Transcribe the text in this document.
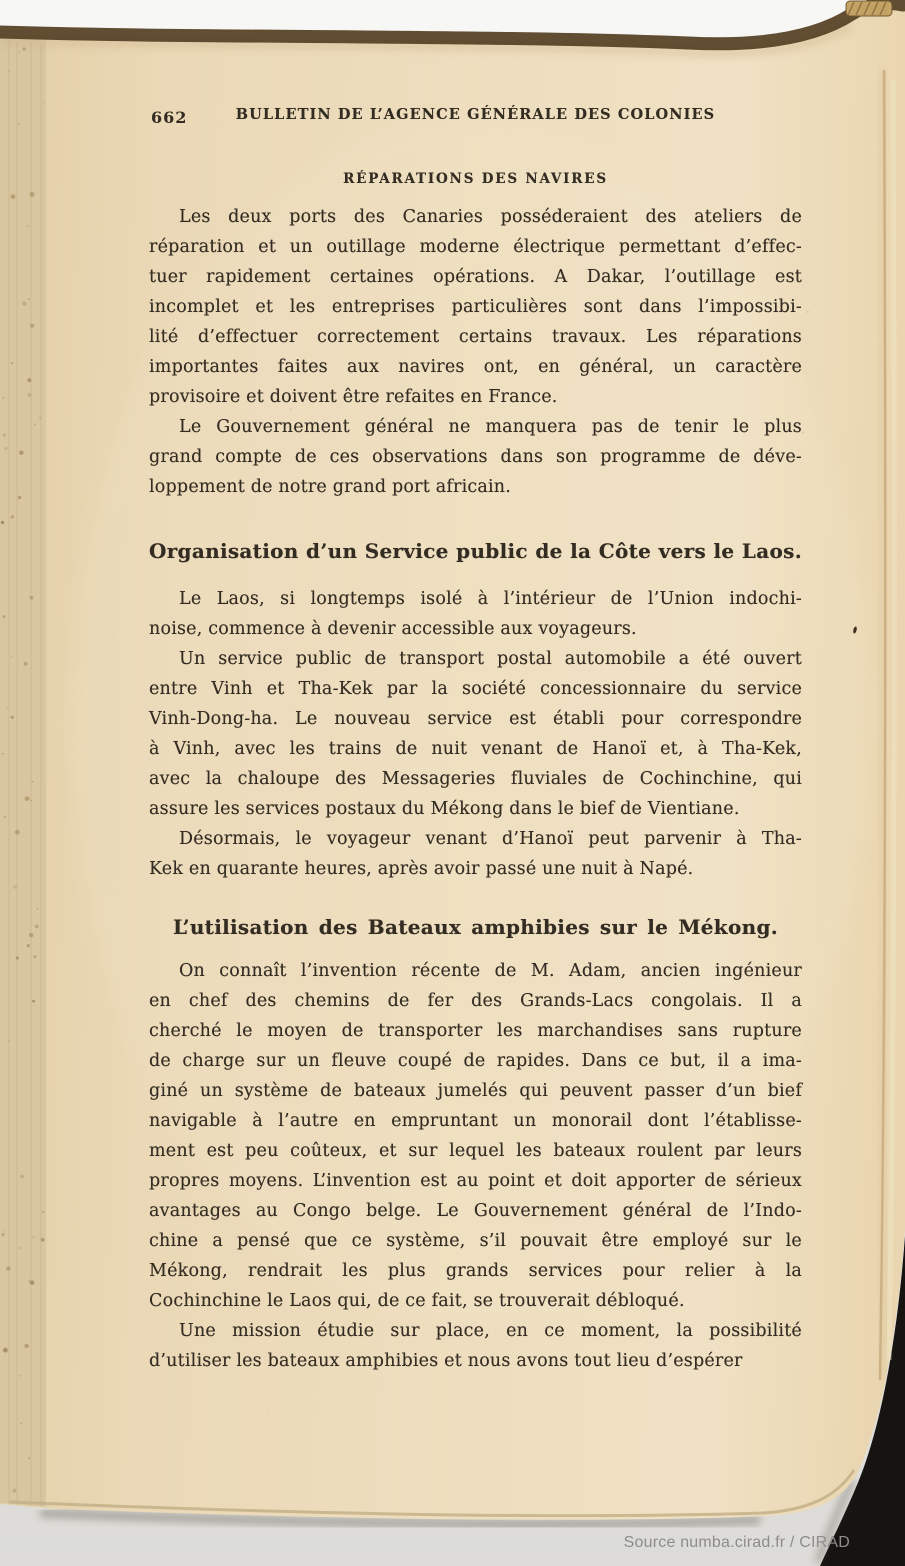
662	BULLETIN DE L’AGENCE GÉNÉRALE DES COLONIES
RÉPARATIONS DES NAVIRES

Les deux ports des Canaries posséderaient des ateliers de
réparation et un outillage moderne électrique permettant d’effec-
tuer rapidement certaines opérations. A Dakar, l’outillage est
incomplet et les entreprises particulières sont dans l’impossibi-
lité d’effectuer correctement certains travaux. Les réparations
importantes faites aux navires ont, en général, un caractère
provisoire et doivent être refaites en France.

Le Gouvernement général ne manquera pas de tenir le plus
grand compte de ces observations dans son programme de déve-
loppement de notre grand port africain.

Organisation d’un Service public de la Côte vers le Laos.

Le Laos, si longtemps isolé à l’intérieur de l’Union indochi-
noise, commence à devenir accessible aux voyageurs.

Un service public de transport postal automobile a été ouvert
entre Vinh et Tha-Kek par la société concessionnaire du service
Vinh-Dong-ha. Le nouveau service est établi pour correspondre
à Vinh, avec les trains de nuit venant de Hanoï et, à Tha-Kek,
avec la chaloupe des Messageries fluviales de Cochinchine, qui
assure les services postaux du Mékong dans le bief de Vientiane.

Désormais, le voyageur venant d’Hanoï peut parvenir à Tha-
Kek en quarante heures, après avoir passé une nuit à Napé.

L’utilisation des Bateaux amphibies sur le Mékong.

On connaît l’invention récente de M. Adam, ancien ingénieur
en chef des chemins de fer des Grands-Lacs congolais. Il a
cherché le moyen de transporter les marchandises sans rupture
de charge sur un fleuve coupé de rapides. Dans ce but, il a ima-
giné un système de bateaux jumelés qui peuvent passer d’un bief
navigable à l’autre en empruntant un monorail dont l’établisse-
ment est peu coûteux, et sur lequel les bateaux roulent par leurs
propres moyens. L’invention est au point et doit apporter de sérieux
avantages au Congo belge. Le Gouvernement général de l’Indo-
chine a pensé que ce système, s’il pouvait être employé sur le
Mékong, rendrait les plus grands services pour relier à la
Cochinchine le Laos qui, de ce fait, se trouverait débloqué.

Une mission étudie sur place, en ce moment, la possibilité
d’utiliser les bateaux amphibies et nous avons tout lieu d’espérer

Source numba.cirad.fr / CIRAD
